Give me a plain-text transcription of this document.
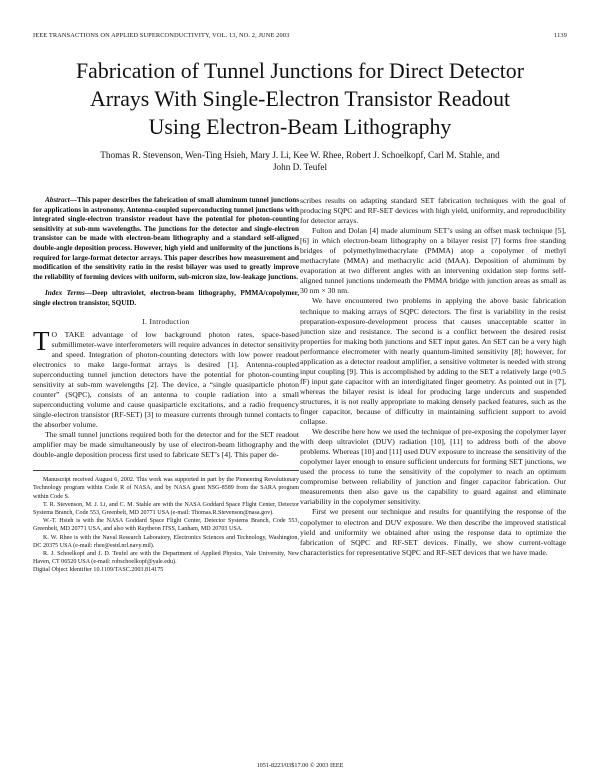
IEEE TRANSACTIONS ON APPLIED SUPERCONDUCTIVITY, VOL. 13, NO. 2, JUNE 2003	1139
Fabrication of Tunnel Junctions for Direct Detector
Arrays With Single-Electron Transistor Readout
Using Electron-Beam Lithography
Thomas R. Stevenson, Wen-Ting Hsieh, Mary J. Li, Kee W. Rhee, Robert J. Schoelkopf, Carl M. Stahle, and
John D. Teufel

Abstract—This paper describes the fabrication of small aluminum tunnel junctions for applications in astronomy. Antenna-coupled superconducting tunnel junctions with integrated single-electron transistor readout have the potential for photon-counting sensitivity at sub-mm wavelengths. The junctions for the detector and single-electron transistor can be made with electron-beam lithography and a standard self-aligned double-angle deposition process. However, high yield and uniformity of the junctions is required for large-format detector arrays. This paper describes how measurement and modification of the sensitivity ratio in the resist bilayer was used to greatly improve the reliability of forming devices with uniform, sub-micron size, low-leakage junctions.

Index Terms—Deep ultraviolet, electron-beam lithography, PMMA/copolymer, single electron transistor, SQUID.

I. Introduction

T O TAKE advantage of low background photon rates, space-based submillimeter-wave interferometers will require advances in detector sensitivity and speed. Integration of photon-counting detectors with low power readout electronics to make large-format arrays is desired [1]. Antenna-coupled superconducting tunnel junction detectors have the potential for photon-counting sensitivity at sub-mm wavelengths [2]. The device, a “single quasiparticle photon counter” (SQPC), consists of an antenna to couple radiation into a small superconducting volume and cause quasiparticle excitations, and a radio frequency single-electron transistor (RF-SET) [3] to measure currents through tunnel contacts to the absorber volume.

The small tunnel junctions required both for the detector and for the SET readout amplifier may be made simultaneously by use of electron-beam lithography and the double-angle deposition process first used to fabricate SET’s [4]. This paper de-

Manuscript received August 6, 2002. This work was supported in part by the Pioneering Revolutionary Technology program within Code R of NASA, and by NASA grant NSG-8589 from the SARA program within Code S.

T. R. Stevenson, M. J. Li, and C. M. Stahle are with the NASA Goddard Space Flight Center, Detector Systems Branch, Code 553, Greenbelt, MD 20771 USA (e-mail: Thomas.R.Stevenson@nasa.gov).

W.-T. Hsieh is with the NASA Goddard Space Flight Center, Detector Systems Branch, Code 553, Greenbelt, MD 20771 USA, and also with Raytheon ITSS, Lanham, MD 20703 USA.

K. W. Rhee is with the Naval Research Laboratory, Electronics Sciences and Technology, Washington, DC 20375 USA (e-mail: rhee@estd.nrl.navy.mil).

R. J. Schoelkopf and J. D. Teufel are with the Department of Applied Physics, Yale University, New Haven, CT 06520 USA (e-mail: robschoelkopf@yale.edu).

Digital Object Identifier 10.1109/TASC.2003.814175

scribes results on adapting standard SET fabrication techniques with the goal of producing SQPC and RF-SET devices with high yield, uniformity, and reproducibility for detector arrays.

Fulton and Dolan [4] made aluminum SET’s using an offset mask technique [5], [6] in which electron-beam lithography on a bilayer resist [7] forms free standing bridges of polymethylmethacrylate (PMMA) atop a copolymer of methyl methacrylate (MMA) and methacrylic acid (MAA). Deposition of aluminum by evaporation at two different angles with an intervening oxidation step forms self-aligned tunnel junctions underneath the PMMA bridge with junction areas as small as 30 nm × 30 nm.

We have encountered two problems in applying the above basic fabrication technique to making arrays of SQPC detectors. The first is variability in the resist preparation-exposure-development process that causes unacceptable scatter in junction size and resistance. The second is a conflict between the desired resist properties for making both junctions and SET input gates. An SET can be a very high performance electrometer with nearly quantum-limited sensitivity [8]; however, for application as a detector readout amplifier, a sensitive voltmeter is needed with strong input coupling [9]. This is accomplished by adding to the SET a relatively large (≈0.5 fF) input gate capacitor with an interdigitated finger geometry. As pointed out in [7], whereas the bilayer resist is ideal for producing large undercuts and suspended structures, it is not really appropriate to making densely packed features, such as the finger capacitor, because of difficulty in maintaining sufficient support to avoid collapse.

We describe here how we used the technique of pre-exposing the copolymer layer with deep ultraviolet (DUV) radiation [10], [11] to address both of the above problems. Whereas [10] and [11] used DUV exposure to increase the sensitivity of the copolymer layer enough to ensure sufficient undercuts for forming SET junctions, we used the process to tune the sensitivity of the copolymer to reach an optimum compromise between reliability of junction and finger capacitor fabrication. Our measurements then also gave us the capability to guard against and eliminate variability in the copolymer sensitivity.

First we present our technique and results for quantifying the response of the copolymer to electron and DUV exposure. We then describe the improved statistical yield and uniformity we obtained after using the response data to optimize the fabrication of SQPC and RF-SET devices. Finally, we show current-voltage characteristics for representative SQPC and RF-SET devices that we have made.

1051-8223/03$17.00 © 2003 IEEE
